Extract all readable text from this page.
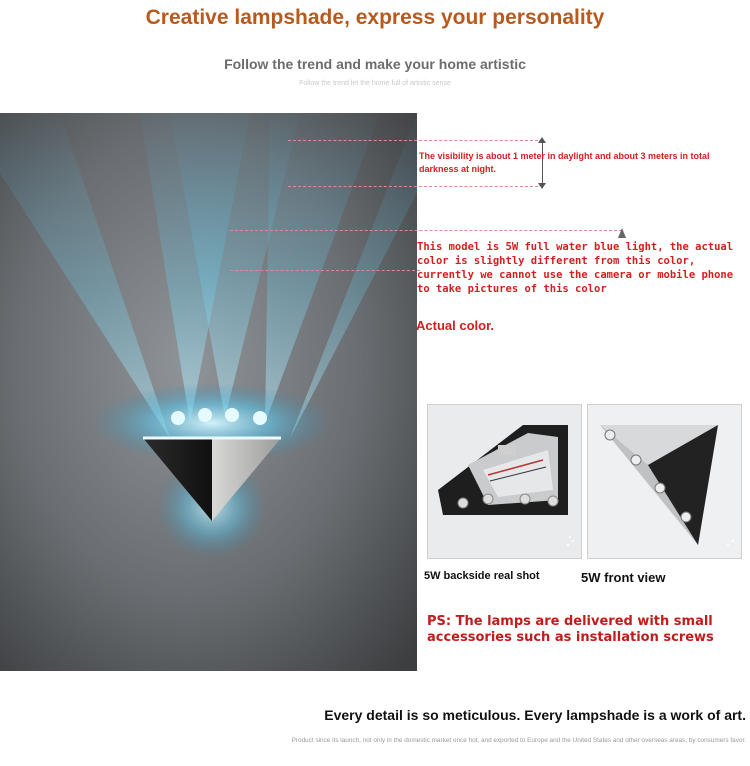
Creative lampshade, express your personality
Follow the trend and make your home artistic
Follow the trend let the home full of artistic sense
The visibility is about 1 meter in daylight and about 3 meters in total darkness at night.
This model is 5W full water blue light, the actual color is slightly different from this color, currently we cannot use the camera or mobile phone to take pictures of this color
Actual color.
5W backside real shot	5W front view
PS: The lamps are delivered with small accessories such as installation screws
Every detail is so meticulous. Every lampshade is a work of art.
Product since its launch, not only in the domestic market once hot, and exported to Europe and the United States and other overseas areas, by consumers favor.
